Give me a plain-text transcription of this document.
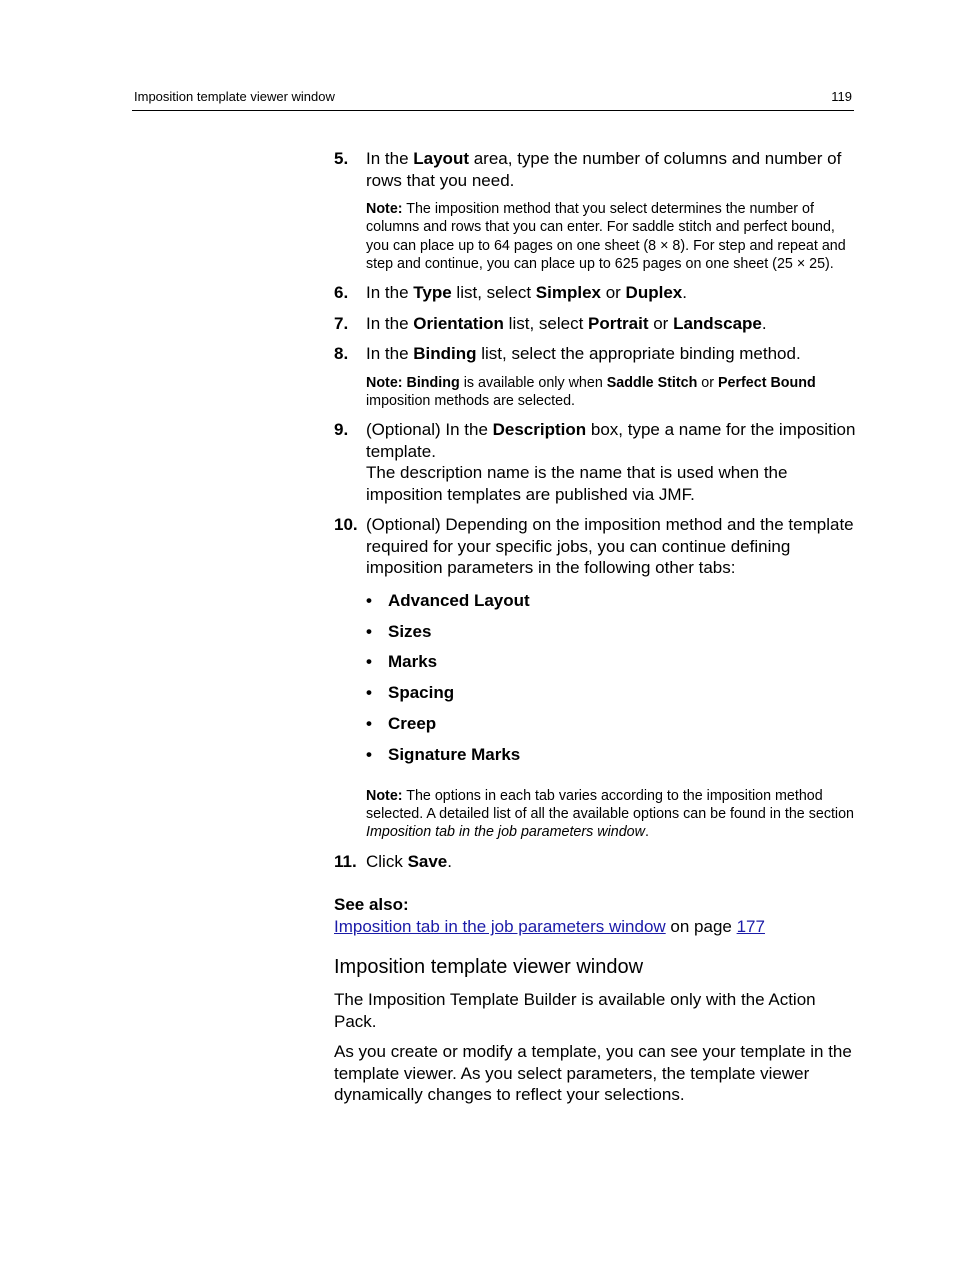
Imposition template viewer window	119
5. In the Layout area, type the number of columns and number of rows that you need.
Note: The imposition method that you select determines the number of columns and rows that you can enter. For saddle stitch and perfect bound, you can place up to 64 pages on one sheet (8 × 8). For step and repeat and step and continue, you can place up to 625 pages on one sheet (25 × 25).
6. In the Type list, select Simplex or Duplex.
7. In the Orientation list, select Portrait or Landscape.
8. In the Binding list, select the appropriate binding method.
Note: Binding is available only when Saddle Stitch or Perfect Bound imposition methods are selected.
9. (Optional) In the Description box, type a name for the imposition template.
The description name is the name that is used when the imposition templates are published via JMF.
10. (Optional) Depending on the imposition method and the template required for your specific jobs, you can continue defining imposition parameters in the following other tabs:
• Advanced Layout
• Sizes
• Marks
• Spacing
• Creep
• Signature Marks
Note: The options in each tab varies according to the imposition method selected. A detailed list of all the available options can be found in the section Imposition tab in the job parameters window.
11. Click Save.
See also:
Imposition tab in the job parameters window on page 177
Imposition template viewer window
The Imposition Template Builder is available only with the Action Pack.
As you create or modify a template, you can see your template in the template viewer. As you select parameters, the template viewer dynamically changes to reflect your selections.
